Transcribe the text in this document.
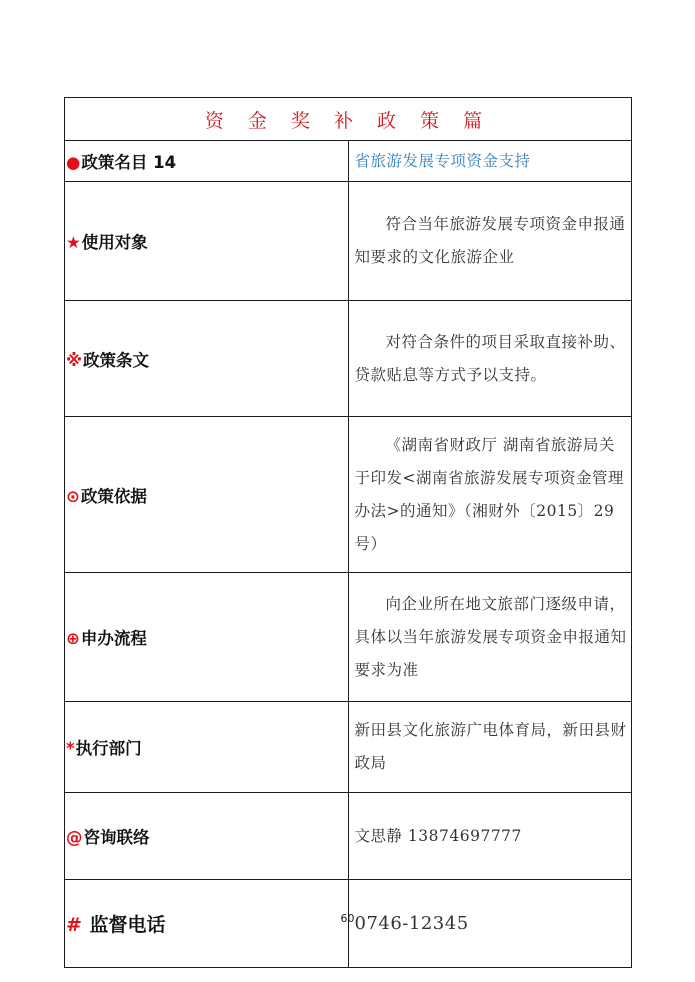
资 金 奖 补 政 策 篇	
●政策名目 14	省旅游发展专项资金支持
★使用对象	符合当年旅游发展专项资金申报通知要求的文化旅游企业
※政策条文	对符合条件的项目采取直接补助、贷款贴息等方式予以支持。
⊙政策依据	《湖南省财政厅 湖南省旅游局关于印发<湖南省旅游发展专项资金管理办法>的通知》（湘财外〔2015〕29 号）
⊕申办流程	向企业所在地文旅部门逐级申请，具体以当年旅游发展专项资金申报通知要求为准
*执行部门	新田县文化旅游广电体育局，新田县财政局
@咨询联络	文思静 13874697777
# 监督电话	0746-12345
60
